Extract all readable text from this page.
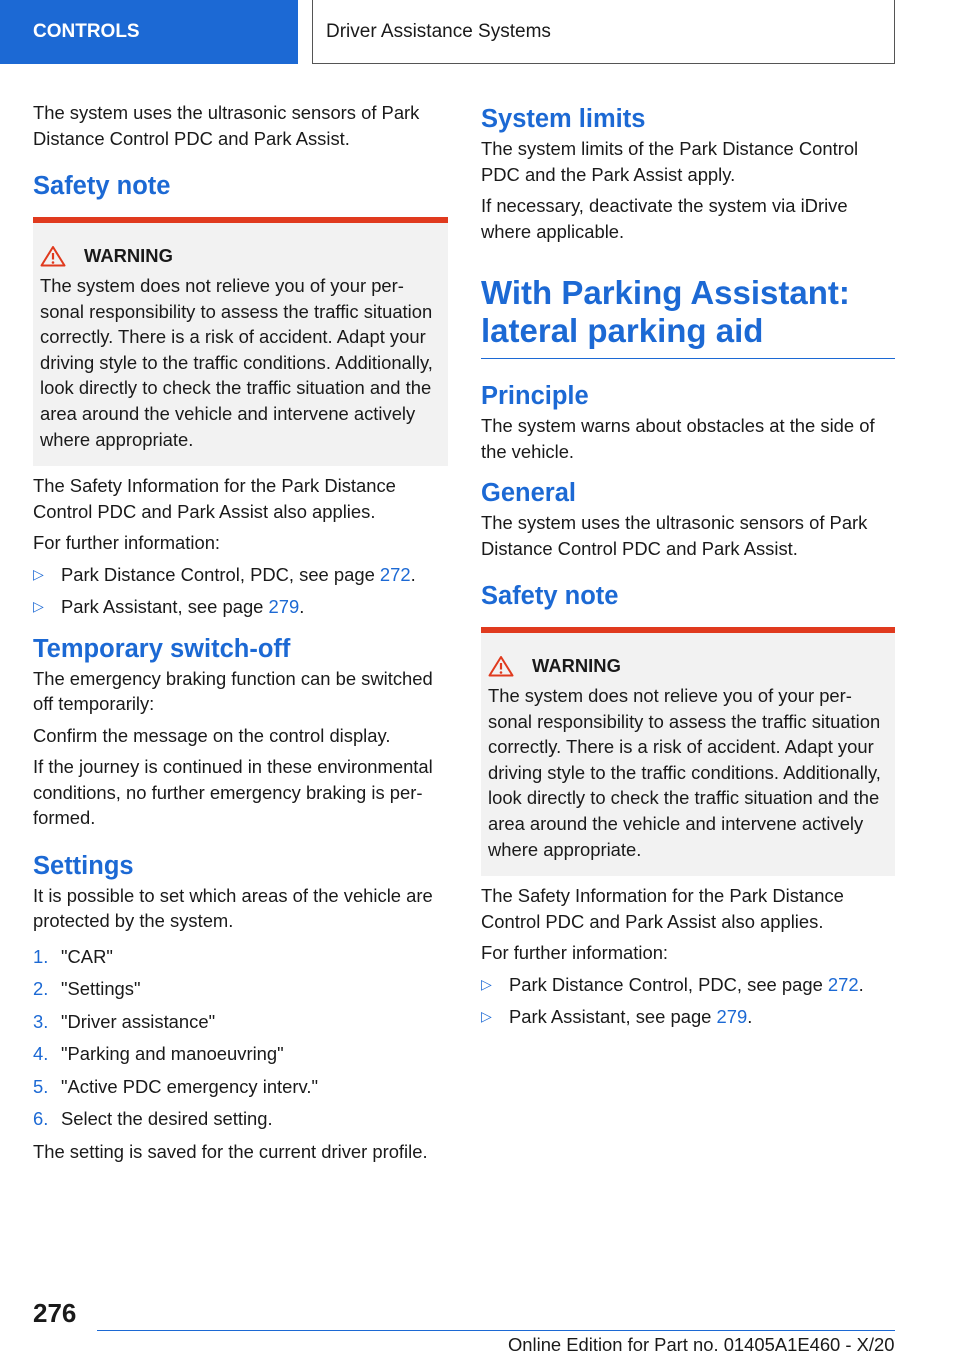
CONTROLS	Driver Assistance Systems

The system uses the ultrasonic sensors of Park Distance Control PDC and Park Assist.

Safety note
WARNING

The system does not relieve you of your personal responsibility to assess the traffic situation correctly. There is a risk of accident. Adapt your driving style to the traffic conditions. Additionally, look directly to check the traffic situation and the area around the vehicle and intervene actively where appropriate.

The Safety Information for the Park Distance Control PDC and Park Assist also applies.

For further information:

▷ Park Distance Control, PDC, see page 272.
▷ Park Assistant, see page 279.
Temporary switch-off

The emergency braking function can be switched off temporarily:

Confirm the message on the control display.

If the journey is continued in these environmental conditions, no further emergency braking is performed.

Settings

It is possible to set which areas of the vehicle are protected by the system.

1. "CAR"
2. "Settings"
3. "Driver assistance"
4. "Parking and manoeuvring"
5. "Active PDC emergency interv."
6. Select the desired setting.

The setting is saved for the current driver profile.

System limits

The system limits of the Park Distance Control PDC and the Park Assist apply.

If necessary, deactivate the system via iDrive where applicable.

With Parking Assistant:
lateral parking aid
Principle

The system warns about obstacles at the side of the vehicle.

General

The system uses the ultrasonic sensors of Park Distance Control PDC and Park Assist.

Safety note
WARNING

The system does not relieve you of your personal responsibility to assess the traffic situation correctly. There is a risk of accident. Adapt your driving style to the traffic conditions. Additionally, look directly to check the traffic situation and the area around the vehicle and intervene actively where appropriate.

The Safety Information for the Park Distance Control PDC and Park Assist also applies.

For further information:

▷ Park Distance Control, PDC, see page 272.
▷ Park Assistant, see page 279.
276
Online Edition for Part no. 01405A1E460 - X/20
